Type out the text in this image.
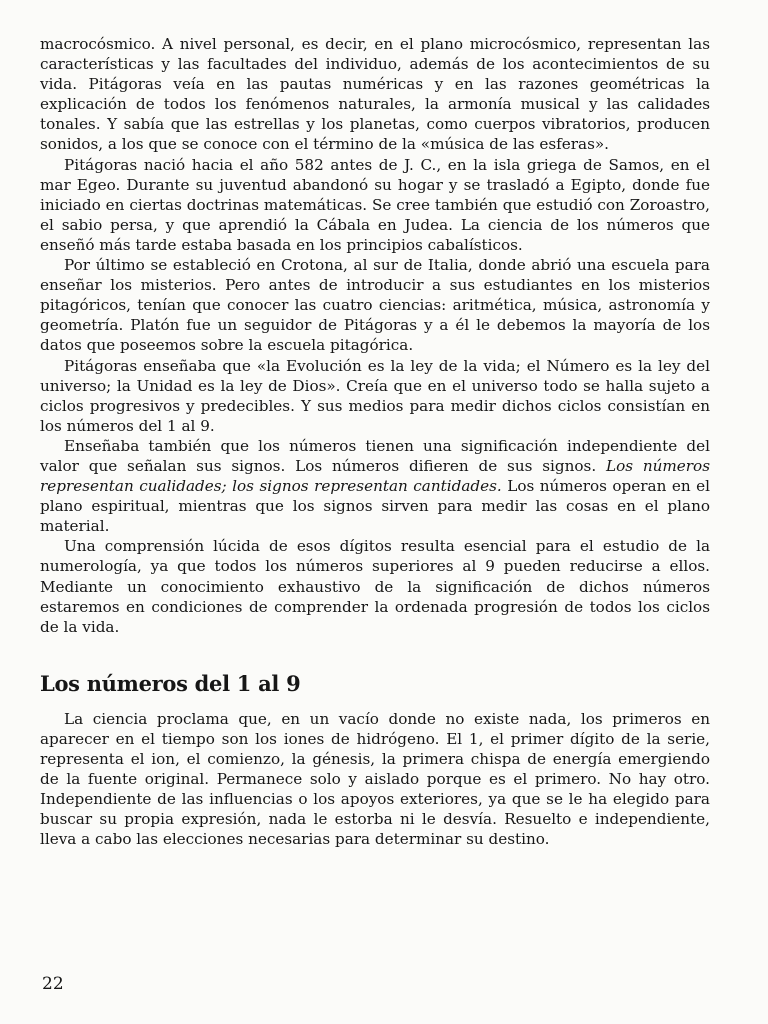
macrocósmico. A nivel personal, es decir, en el plano microcósmico, representan las características y las facultades del individuo, además de los acontecimientos de su vida. Pitágoras veía en las pautas numéricas y en las razones geométricas la explicación de todos los fenómenos naturales, la armonía musical y las calidades tonales. Y sabía que las estrellas y los planetas, como cuerpos vibratorios, producen sonidos, a los que se conoce con el término de la «música de las esferas».

Pitágoras nació hacia el año 582 antes de J. C., en la isla griega de Samos, en el mar Egeo. Durante su juventud abandonó su hogar y se trasladó a Egipto, donde fue iniciado en ciertas doctrinas matemáticas. Se cree también que estudió con Zoroastro, el sabio persa, y que aprendió la Cábala en Judea. La ciencia de los números que enseñó más tarde estaba basada en los principios cabalísticos.

Por último se estableció en Crotona, al sur de Italia, donde abrió una escuela para enseñar los misterios. Pero antes de introducir a sus estudiantes en los misterios pitagóricos, tenían que conocer las cuatro ciencias: aritmética, música, astronomía y geometría. Platón fue un seguidor de Pitágoras y a él le debemos la mayoría de los datos que poseemos sobre la escuela pitagórica.

Pitágoras enseñaba que «la Evolución es la ley de la vida; el Número es la ley del universo; la Unidad es la ley de Dios». Creía que en el universo todo se halla sujeto a ciclos progresivos y predecibles. Y sus medios para medir dichos ciclos consistían en los números del 1 al 9.

Enseñaba también que los números tienen una significación independiente del valor que señalan sus signos. Los números difieren de sus signos. Los números representan cualidades; los signos representan cantidades. Los números operan en el plano espiritual, mientras que los signos sirven para medir las cosas en el plano material.

Una comprensión lúcida de esos dígitos resulta esencial para el estudio de la numerología, ya que todos los números superiores al 9 pueden reducirse a ellos. Mediante un conocimiento exhaustivo de la significación de dichos números estaremos en condiciones de comprender la ordenada progresión de todos los ciclos de la vida.

Los números del 1 al 9

La ciencia proclama que, en un vacío donde no existe nada, los primeros en aparecer en el tiempo son los iones de hidrógeno. El 1, el primer dígito de la serie, representa el ion, el comienzo, la génesis, la primera chispa de energía emergiendo de la fuente original. Permanece solo y aislado porque es el primero. No hay otro. Independiente de las influencias o los apoyos exteriores, ya que se le ha elegido para buscar su propia expresión, nada le estorba ni le desvía. Resuelto e independiente, lleva a cabo las elecciones necesarias para determinar su destino.

22
